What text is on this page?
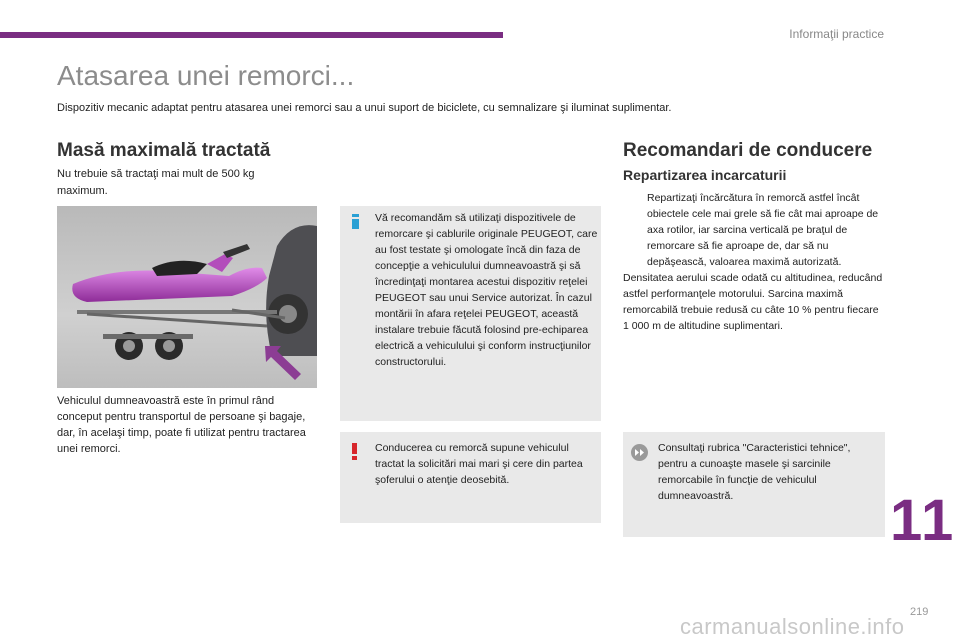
Informaţii practice
Atasarea unei remorci...

Dispozitiv mecanic adaptat pentru atasarea unei remorci sau a unui suport de biciclete, cu semnalizare şi iluminat suplimentar.

Masă maximală tractată

Nu trebuie să tractaţi mai mult de 500 kg maximum.

Vehiculul dumneavoastră este în primul rând conceput pentru transportul de persoane şi bagaje, dar, în acelaşi timp, poate fi utilizat pentru tractarea unei remorci.

Vă recomandăm să utilizaţi dispozitivele de remorcare şi cablurile originale PEUGEOT, care au fost testate şi omologate încă din faza de concepţie a vehiculului dumneavoastră şi să încredinţaţi montarea acestui dispozitiv reţelei PEUGEOT sau unui Service autorizat. În cazul montării în afara reţelei PEUGEOT, această instalare trebuie făcută folosind pre-echiparea electrică a vehiculului şi conform instrucţiunilor constructorului.

Conducerea cu remorcă supune vehiculul tractat la solicitări mai mari şi cere din partea şoferului o atenţie deosebită.

Recomandari de conducere
Repartizarea incarcaturii
Repartizaţi încărcătura în remorcă astfel încât obiectele cele mai grele să fie cât mai aproape de axa rotilor, iar sarcina verticală pe braţul de remorcare să fie aproape de, dar să nu depăşească, valoarea maximă autorizată.

Densitatea aerului scade odată cu altitudinea, reducând astfel performanţele motorului. Sarcina maximă remorcabilă trebuie redusă cu câte 10 % pentru fiecare 1 000 m de altitudine suplimentari.

Consultaţi rubrica "Caracteristici tehnice", pentru a cunoaşte masele şi sarcinile remorcabile în funcţie de vehiculul dumneavoastră.	11
219
carmanualsonline.info
